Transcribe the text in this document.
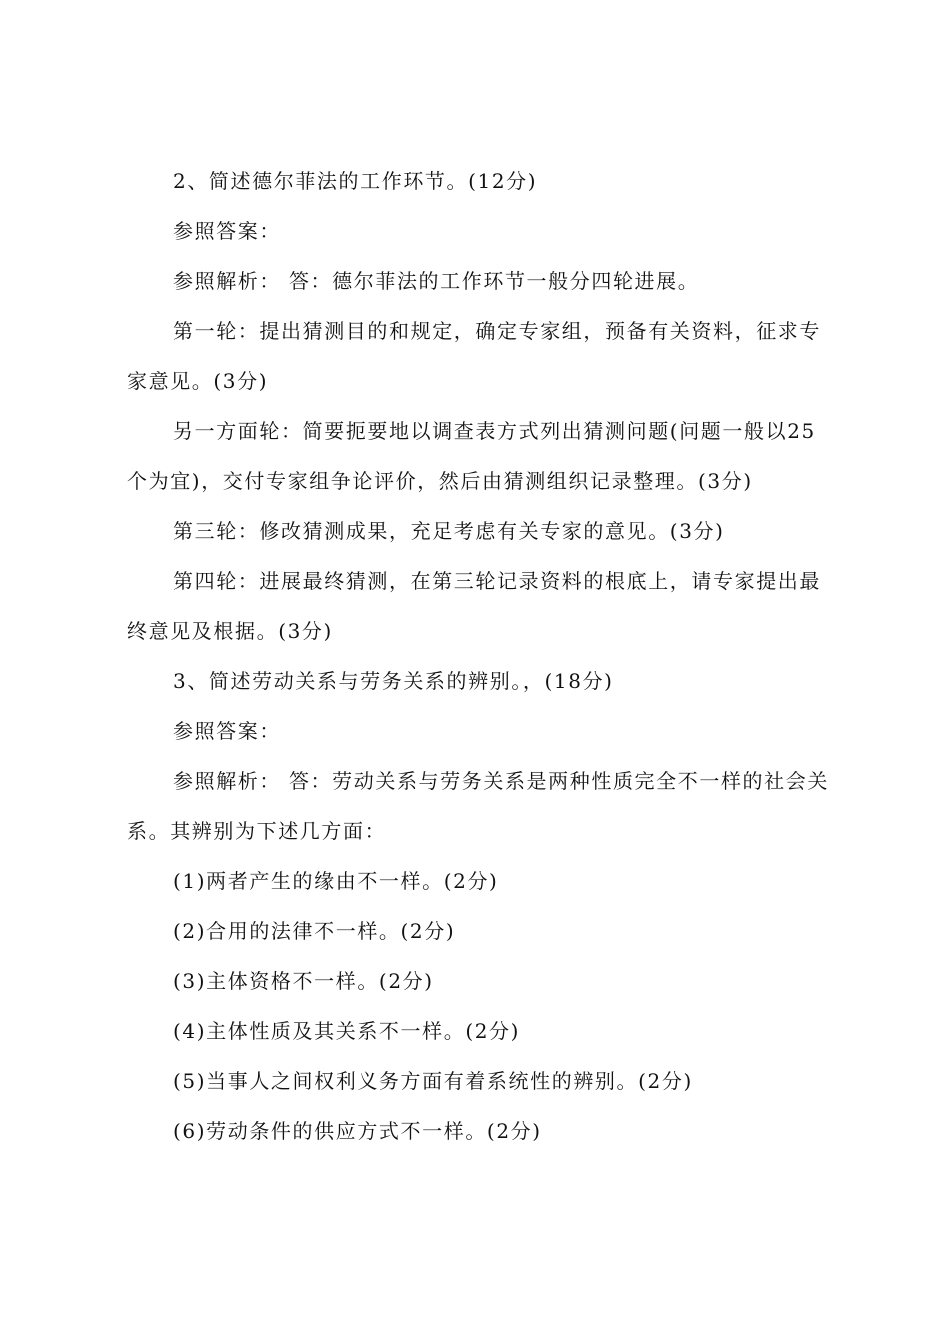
2、简述德尔菲法的工作环节。(12分)

参照答案：

参照解析： 答：德尔菲法的工作环节一般分四轮进展。

第一轮：提出猜测目的和规定，确定专家组，预备有关资料，征求专家意见。(3分)

另一方面轮：简要扼要地以调查表方式列出猜测问题(问题一般以25个为宜)，交付专家组争论评价，然后由猜测组织记录整理。(3分)

第三轮：修改猜测成果，充足考虑有关专家的意见。(3分)

第四轮：进展最终猜测，在第三轮记录资料的根底上，请专家提出最终意见及根据。(3分)

3、简述劳动关系与劳务关系的辨别。，(18分)

参照答案：

参照解析： 答：劳动关系与劳务关系是两种性质完全不一样的社会关系。其辨别为下述几方面：

(1)两者产生的缘由不一样。(2分)

(2)合用的法律不一样。(2分)

(3)主体资格不一样。(2分)

(4)主体性质及其关系不一样。(2分)

(5)当事人之间权利义务方面有着系统性的辨别。(2分)

(6)劳动条件的供应方式不一样。(2分)
